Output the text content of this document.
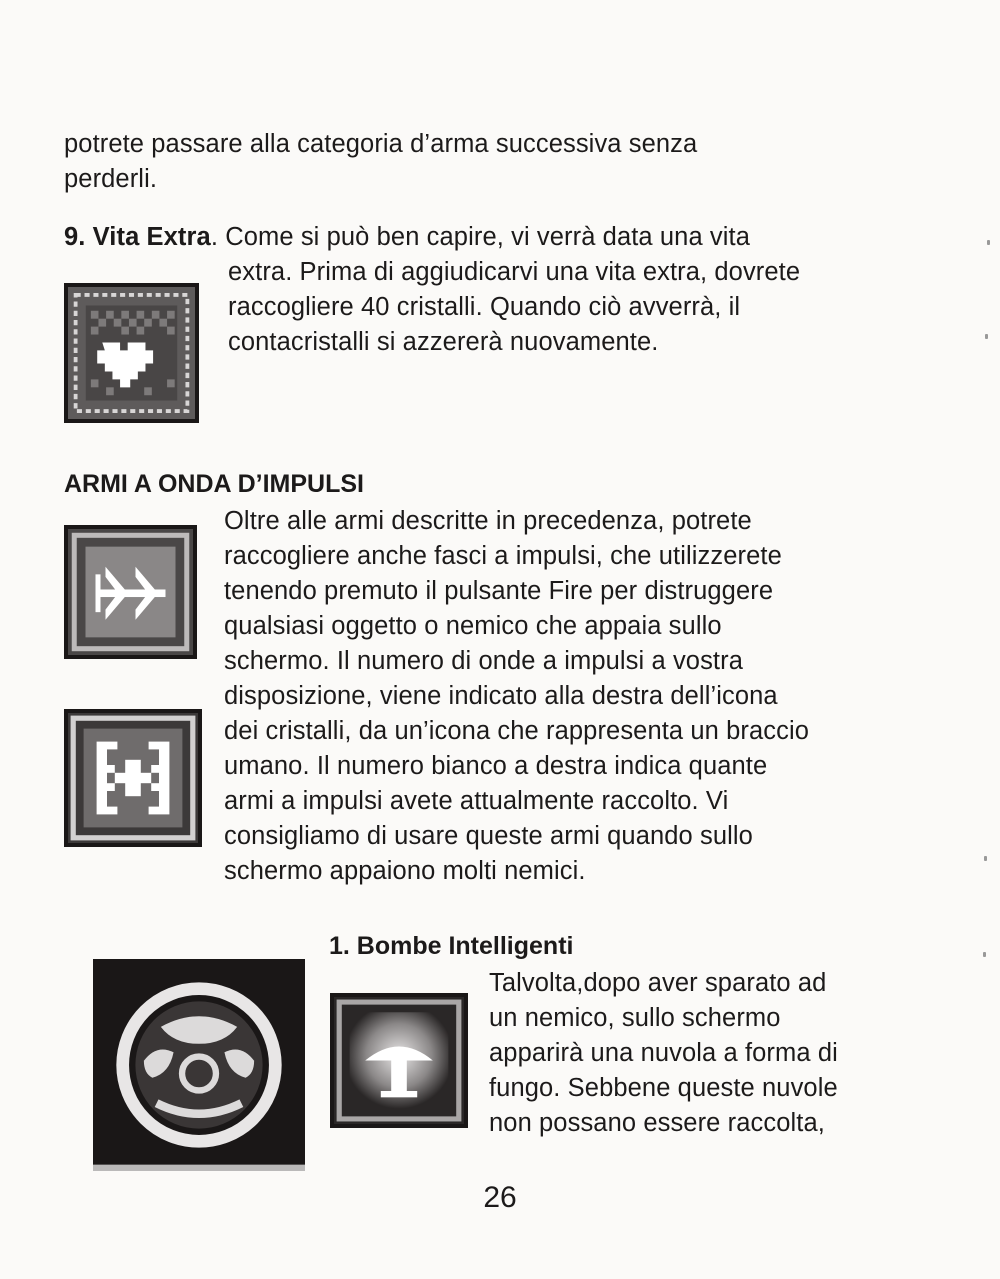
potrete passare alla categoria d’arma successiva senza
perderli.

9. Vita Extra. Come si può ben capire, vi verrà data una vita

extra. Prima di aggiudicarvi una vita extra, dovrete
raccogliere 40 cristalli. Quando ciò avverrà, il
contacristalli si azzererà nuovamente.

ARMI A ONDA D’IMPULSI

Oltre alle armi descritte in precedenza, potrete
raccogliere anche fasci a impulsi, che utilizzerete
tenendo premuto il pulsante Fire per distruggere
qualsiasi oggetto o nemico che appaia sullo
schermo. Il numero di onde a impulsi a vostra
disposizione, viene indicato alla destra dell’icona
dei cristalli, da un’icona che rappresenta un braccio
umano. Il numero bianco a destra indica quante
armi a impulsi avete attualmente raccolto. Vi
consigliamo di usare queste armi quando sullo
schermo appaiono molti nemici.

1. Bombe Intelligenti

Talvolta,dopo aver sparato ad
un nemico, sullo schermo
apparirà una nuvola a forma di
fungo. Sebbene queste nuvole
non possano essere raccolta,

26
